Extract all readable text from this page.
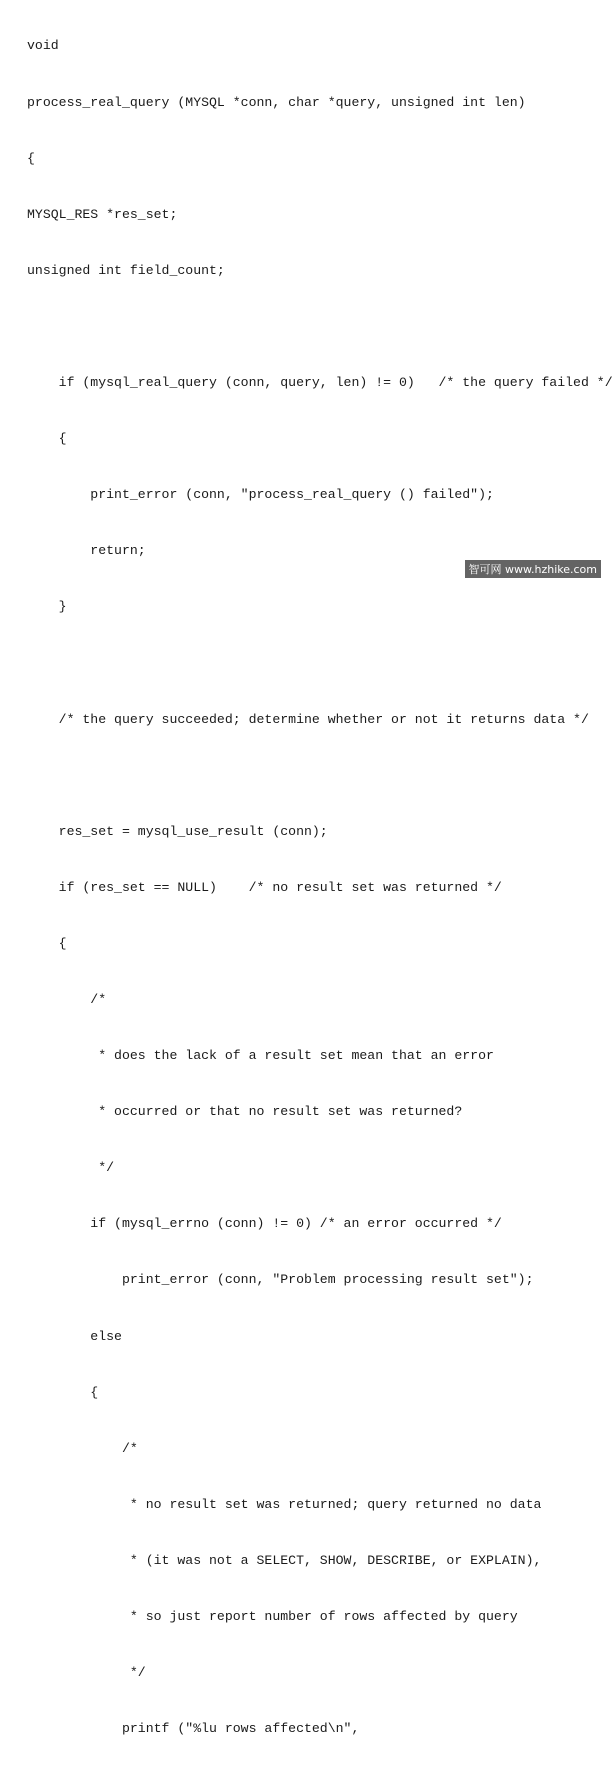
void

process_real_query (MYSQL *conn, char *query, unsigned int len)

{

MYSQL_RES *res_set;

unsigned int field_count;

if (mysql_real_query (conn, query, len) != 0)   /* the query failed */

{

print_error (conn, "process_real_query () failed");

return;

}

/* the query succeeded; determine whether or not it returns data */

res_set = mysql_use_result (conn);

if (res_set == NULL)    /* no result set was returned */

{

/*

* does the lack of a result set mean that an error

* occurred or that no result set was returned?

*/

if (mysql_errno (conn) != 0) /* an error occurred */

print_error (conn, "Problem processing result set");

else

{

/*

* no result set was returned; query returned no data

* (it was not a SELECT, SHOW, DESCRIBE, or EXPLAIN),

* so just report number of rows affected by query

*/

printf ("%lu rows affected\n",

智可网 www.hzhike.com
